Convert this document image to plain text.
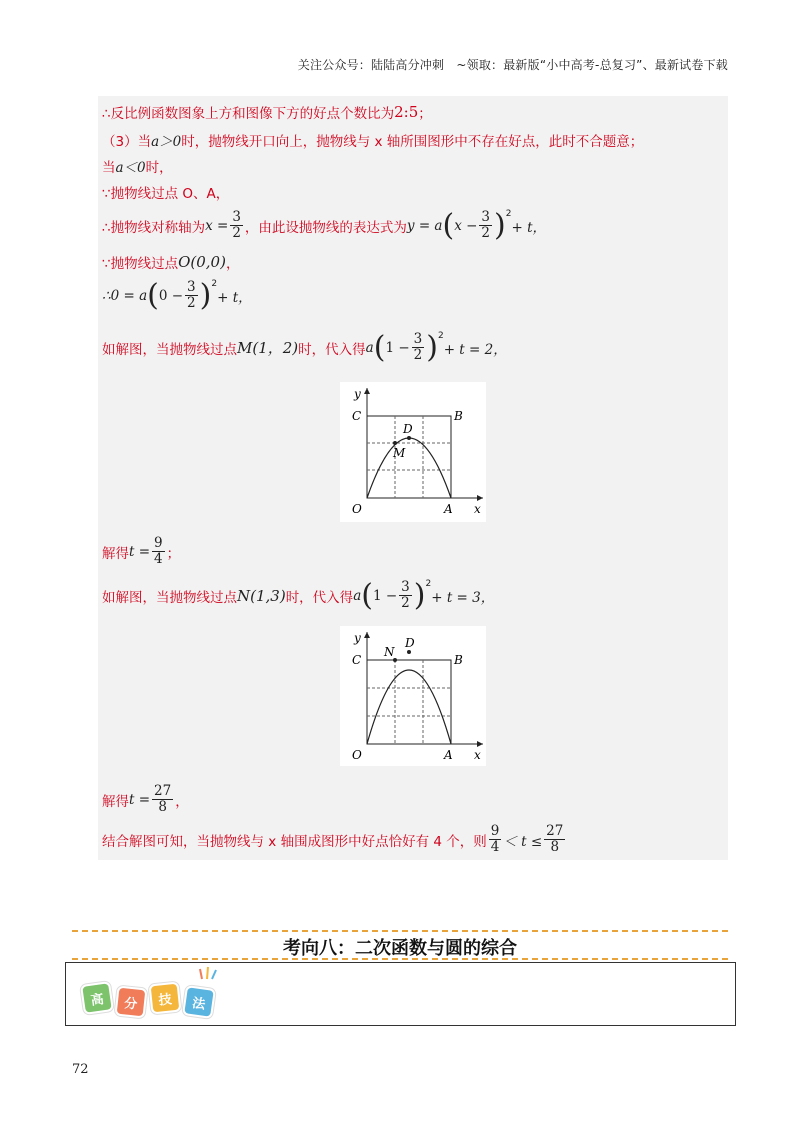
关注公众号：陆陆高分冲刺　~领取：最新版“小中高考-总复习”、最新试卷下载
∴反比例函数图象上方和图像下方的好点个数比为 2:5 ；
（3）当 a＞0 时，抛物线开口向上，抛物线与 x 轴所围图形中不存在好点，此时不合题意；
当 a＜0 时，
∵抛物线过点 O、A，
∴抛物线对称轴为 $x = \frac{3}{2}$ ，由此设抛物线的表达式为 y = a ( $x - \frac{3}{2}$ ) 2
+ t，
∵抛物线过点 O(0,0) ，
∴0 = a ( $0 - \frac{3}{2}$ ) 2
+ t，
如解图，当抛物线过点 M(1，2) 时，代入得 a ( $1 - \frac{3}{2}$ ) 2
+ t = 2，
y
C	B
D
M
O	A x
解得 $t = \frac{9}{4}$ ；
如解图，当抛物线过点 N(1,3) 时，代入得 a ( $1 - \frac{3}{2}$ ) 2
+ t = 3，
y
C	B
D
N
O	A x
解得 $t = \frac{27}{8}$ ，
结合解图可知，当抛物线与 x 轴围成图形中好点恰好有 4 个，则 $\frac{9}{4} < t \le \frac{27}{8}$
考向八：二次函数与圆的综合
高	分	技	法
72
